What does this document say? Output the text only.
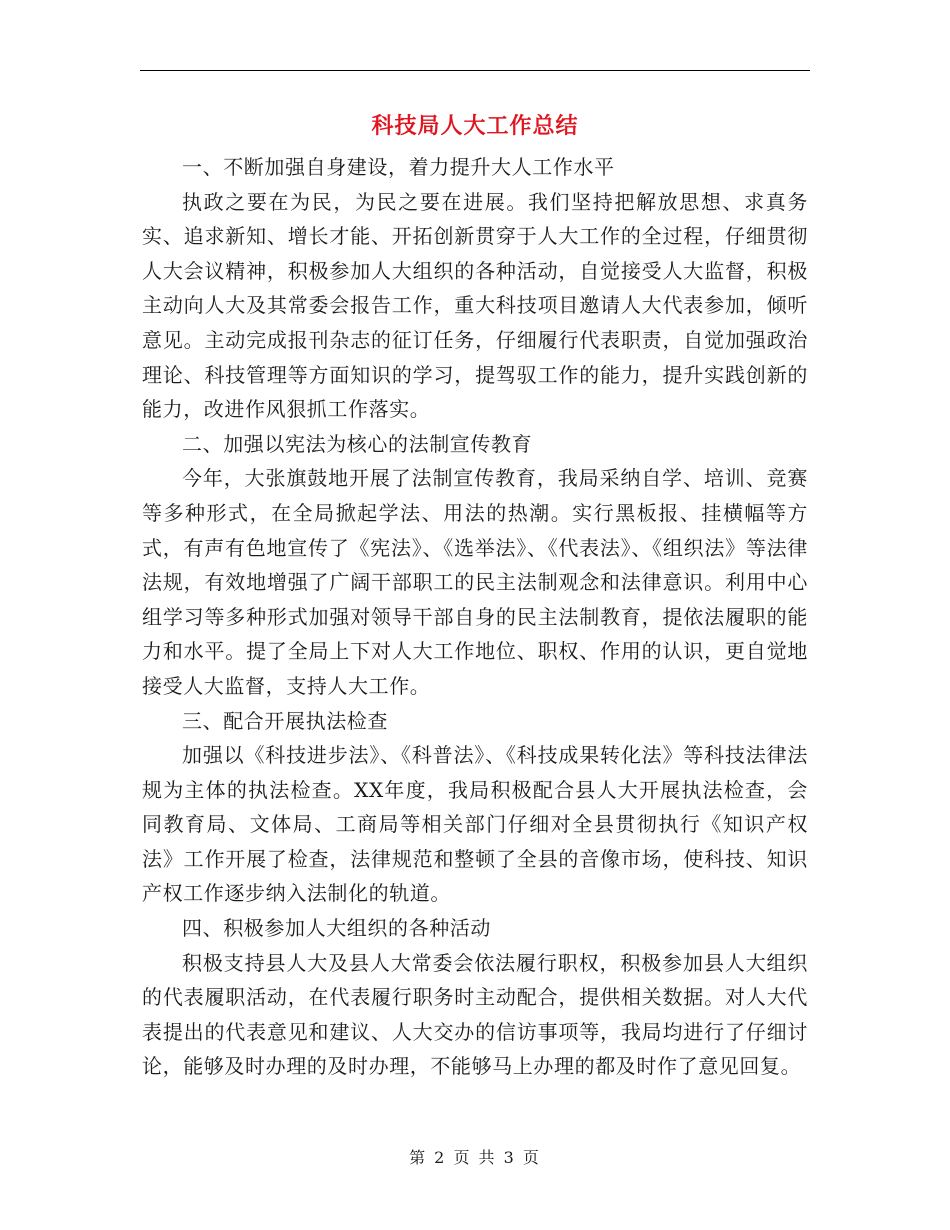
科技局人大工作总结

一、不断加强自身建设，着力提升大人工作水平

执政之要在为民，为民之要在进展。我们坚持把解放思想、求真务实、追求新知、增长才能、开拓创新贯穿于人大工作的全过程，仔细贯彻人大会议精神，积极参加人大组织的各种活动，自觉接受人大监督，积极主动向人大及其常委会报告工作，重大科技项目邀请人大代表参加，倾听意见。主动完成报刊杂志的征订任务，仔细履行代表职责，自觉加强政治理论、科技管理等方面知识的学习，提驾驭工作的能力，提升实践创新的能力，改进作风狠抓工作落实。

二、加强以宪法为核心的法制宣传教育

今年，大张旗鼓地开展了法制宣传教育，我局采纳自学、培训、竞赛等多种形式，在全局掀起学法、用法的热潮。实行黑板报、挂横幅等方式，有声有色地宣传了《宪法》、《选举法》、《代表法》、《组织法》等法律法规，有效地增强了广阔干部职工的民主法制观念和法律意识。利用中心组学习等多种形式加强对领导干部自身的民主法制教育，提依法履职的能力和水平。提了全局上下对人大工作地位、职权、作用的认识，更自觉地接受人大监督，支持人大工作。

三、配合开展执法检查

加强以《科技进步法》、《科普法》、《科技成果转化法》等科技法律法规为主体的执法检查。XX年度，我局积极配合县人大开展执法检查，会同教育局、文体局、工商局等相关部门仔细对全县贯彻执行《知识产权法》工作开展了检查，法律规范和整顿了全县的音像市场，使科技、知识产权工作逐步纳入法制化的轨道。

四、积极参加人大组织的各种活动

积极支持县人大及县人大常委会依法履行职权，积极参加县人大组织的代表履职活动，在代表履行职务时主动配合，提供相关数据。对人大代表提出的代表意见和建议、人大交办的信访事项等，我局均进行了仔细讨论，能够及时办理的及时办理，不能够马上办理的都及时作了意见回复。

第 2 页 共 3 页
